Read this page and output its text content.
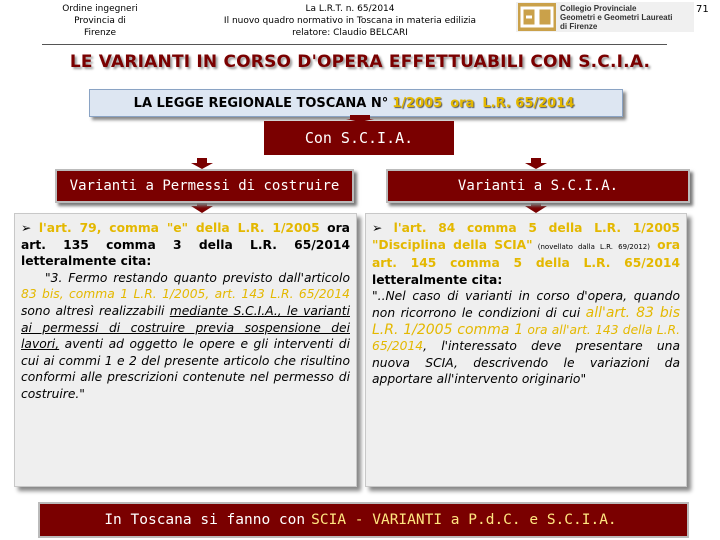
Ordine ingegneri
Provincia di
Firenze
La L.R.T. n. 65/2014
Il nuovo quadro normativo in Toscana in materia edilizia
relatore: Claudio BELCARI
Collegio Provinciale
Geometri e Geometri Laureati
di Firenze
71
LE VARIANTI IN CORSO D'OPERA EFFETTUABILI CON S.C.I.A.
LA LEGGE REGIONALE TOSCANA N° 1/2005 ora L.R. 65/2014
Con S.C.I.A.
Varianti a Permessi di costruire	Varianti a S.C.I.A.
➢ l'art. 79, comma "e" della L.R. 1/2005 ora art. 135 comma 3 della L.R. 65/2014 letteralmente cita:
"3. Fermo restando quanto previsto dall'articolo 83 bis, comma 1 L.R. 1/2005, art. 143 L.R. 65/2014 sono altresì realizzabili mediante S.C.I.A., le varianti ai permessi di costruire previa sospensione dei lavori, aventi ad oggetto le opere e gli interventi di cui ai commi 1 e 2 del presente articolo che risultino conformi alle prescrizioni contenute nel permesso di costruire."
➢ l'art. 84 comma 5 della L.R. 1/2005 "Disciplina della SCIA" (novellato dalla L.R. 69/2012) ora art. 145 comma 5 della L.R. 65/2014 letteralmente cita:
"..Nel caso di varianti in corso d'opera, quando non ricorrono le condizioni di cui all'art. 83 bis L.R. 1/2005 comma 1 ora all'art. 143 della L.R. 65/2014, l'interessato deve presentare una nuova SCIA, descrivendo le variazioni da apportare all'intervento originario"
In Toscana si fanno con SCIA - VARIANTI a P.d.C. e S.C.I.A.
